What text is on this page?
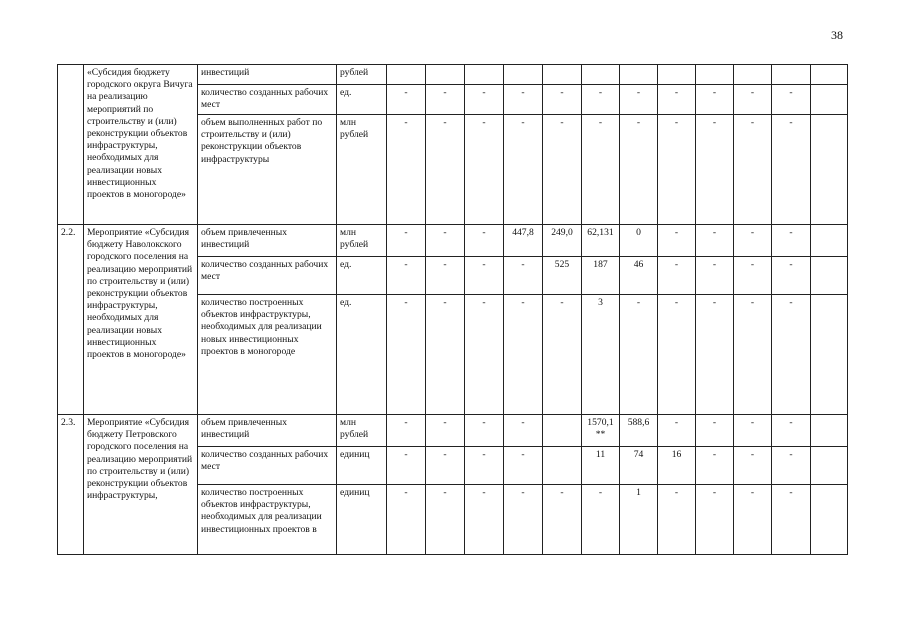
38
	«Субсидия бюджету городского округа Вичуга на реализацию мероприятий по строительству и (или) реконструкции объектов инфраструктуры, необходимых для реализации новых инвестиционных проектов в моногороде»	инвестиций	рублей												
		количество созданных рабочих мест	ед.	-	-	-	-	-	-	-	-	-	-	-	
		объем выполненных работ по строительству и (или) реконструкции объектов инфраструктуры	млн рублей	-	-	-	-	-	-	-	-	-	-	-	
2.2.	Мероприятие «Субсидия бюджету Наволокского городского поселения на реализацию мероприятий по строительству и (или) реконструкции объектов инфраструктуры, необходимых для реализации новых инвестиционных проектов в моногороде»	объем привлеченных инвестиций	млн рублей	-	-	-	447,8	249,0	62,131	0	-	-	-	-	
		количество созданных рабочих мест	ед.	-	-	-	-	525	187	46	-	-	-	-	
		количество построенных объектов инфраструктуры, необходимых для реализации новых инвестиционных проектов в моногороде	ед.	-	-	-	-	-	3	-	-	-	-	-	
2.3.	Мероприятие «Субсидия бюджету Петровского городского поселения на реализацию мероприятий по строительству и (или) реконструкции объектов инфраструктуры,	объем привлеченных инвестиций	млн рублей	-	-	-	-		1570,1 **	588,6	-	-	-	-	
		количество созданных рабочих мест	единиц	-	-	-	-		11	74	16	-	-	-	
		количество построенных объектов инфраструктуры, необходимых для реализации инвестиционных проектов в	единиц	-	-	-	-	-	-	1	-	-	-	-	
